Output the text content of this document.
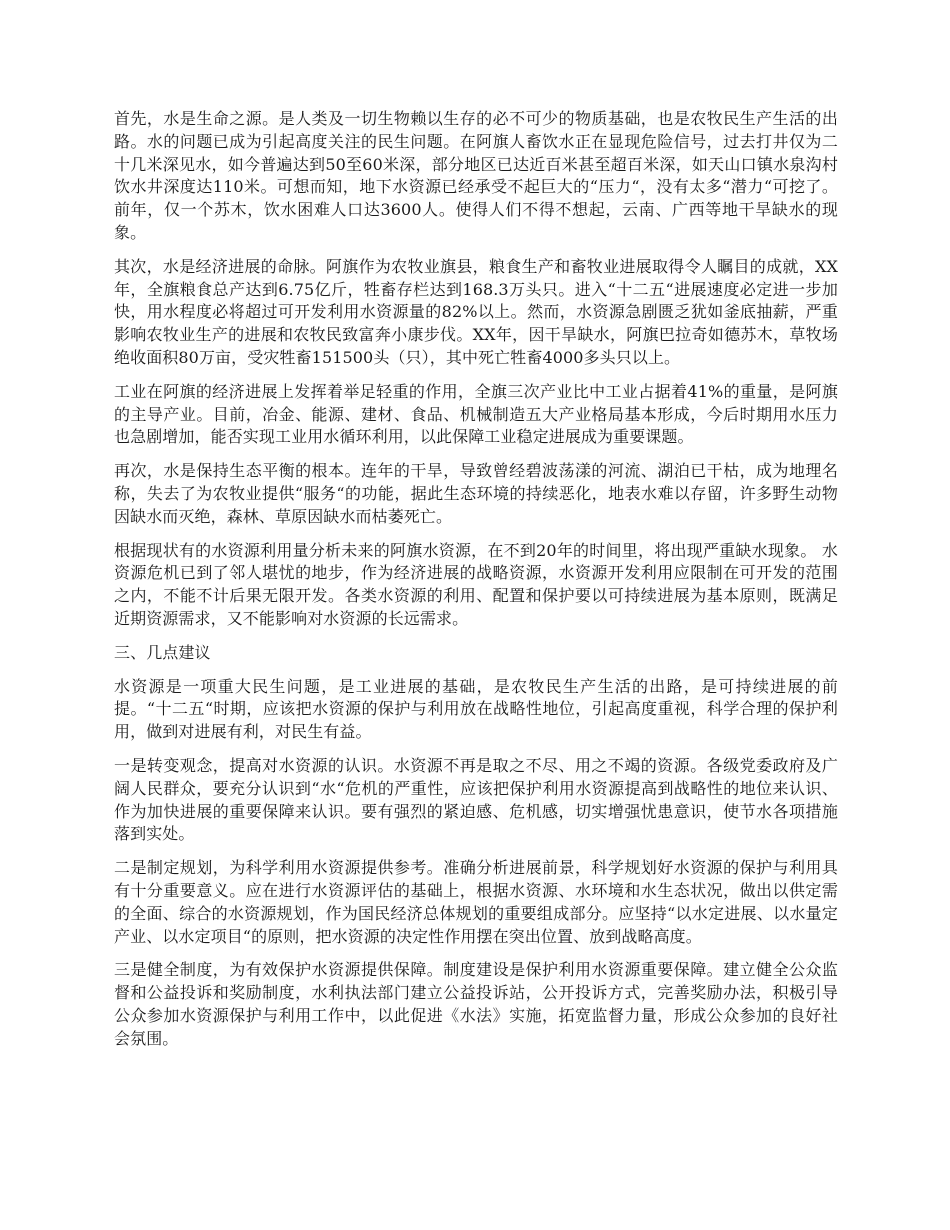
首先，水是生命之源。是人类及一切生物赖以生存的必不可少的物质基础，也是农牧民生产生活的出路。水的问题已成为引起高度关注的民生问题。在阿旗人畜饮水正在显现危险信号，过去打井仅为二十几米深见水，如今普遍达到50至60米深，部分地区已达近百米甚至超百米深，如天山口镇水泉沟村饮水井深度达110米。可想而知，地下水资源已经承受不起巨大的“压力“，没有太多“潜力“可挖了。前年，仅一个苏木，饮水困难人口达3600人。使得人们不得不想起，云南、广西等地干旱缺水的现象。

其次，水是经济进展的命脉。阿旗作为农牧业旗县，粮食生产和畜牧业进展取得令人瞩目的成就，XX年，全旗粮食总产达到6.75亿斤，牲畜存栏达到168.3万头只。进入“十二五“进展速度必定进一步加快，用水程度必将超过可开发利用水资源量的82%以上。然而，水资源急剧匮乏犹如釜底抽薪，严重影响农牧业生产的进展和农牧民致富奔小康步伐。XX年，因干旱缺水，阿旗巴拉奇如德苏木，草牧场绝收面积80万亩，受灾牲畜151500头（只），其中死亡牲畜4000多头只以上。

工业在阿旗的经济进展上发挥着举足轻重的作用，全旗三次产业比中工业占据着41%的重量，是阿旗的主导产业。目前，冶金、能源、建材、食品、机械制造五大产业格局基本形成，今后时期用水压力也急剧增加，能否实现工业用水循环利用，以此保障工业稳定进展成为重要课题。

再次，水是保持生态平衡的根本。连年的干旱，导致曾经碧波荡漾的河流、湖泊已干枯，成为地理名称，失去了为农牧业提供“服务“的功能，据此生态环境的持续恶化，地表水难以存留，许多野生动物因缺水而灭绝，森林、草原因缺水而枯萎死亡。

根据现状有的水资源利用量分析未来的阿旗水资源，在不到20年的时间里，将出现严重缺水现象。 水资源危机已到了邻人堪忧的地步，作为经济进展的战略资源，水资源开发利用应限制在可开发的范围之内，不能不计后果无限开发。各类水资源的利用、配置和保护要以可持续进展为基本原则，既满足近期资源需求，又不能影响对水资源的长远需求。

三、几点建议

水资源是一项重大民生问题，是工业进展的基础，是农牧民生产生活的出路，是可持续进展的前提。“十二五“时期，应该把水资源的保护与利用放在战略性地位，引起高度重视，科学合理的保护利用，做到对进展有利，对民生有益。

一是转变观念，提高对水资源的认识。水资源不再是取之不尽、用之不竭的资源。各级党委政府及广阔人民群众，要充分认识到“水“危机的严重性，应该把保护利用水资源提高到战略性的地位来认识、作为加快进展的重要保障来认识。要有强烈的紧迫感、危机感，切实增强忧患意识，使节水各项措施落到实处。

二是制定规划，为科学利用水资源提供参考。准确分析进展前景，科学规划好水资源的保护与利用具有十分重要意义。应在进行水资源评估的基础上，根据水资源、水环境和水生态状况，做出以供定需的全面、综合的水资源规划，作为国民经济总体规划的重要组成部分。应坚持“以水定进展、以水量定产业、以水定项目“的原则，把水资源的决定性作用摆在突出位置、放到战略高度。

三是健全制度，为有效保护水资源提供保障。制度建设是保护利用水资源重要保障。建立健全公众监督和公益投诉和奖励制度，水利执法部门建立公益投诉站，公开投诉方式，完善奖励办法，积极引导公众参加水资源保护与利用工作中，以此促进《水法》实施，拓宽监督力量，形成公众参加的良好社会氛围。
